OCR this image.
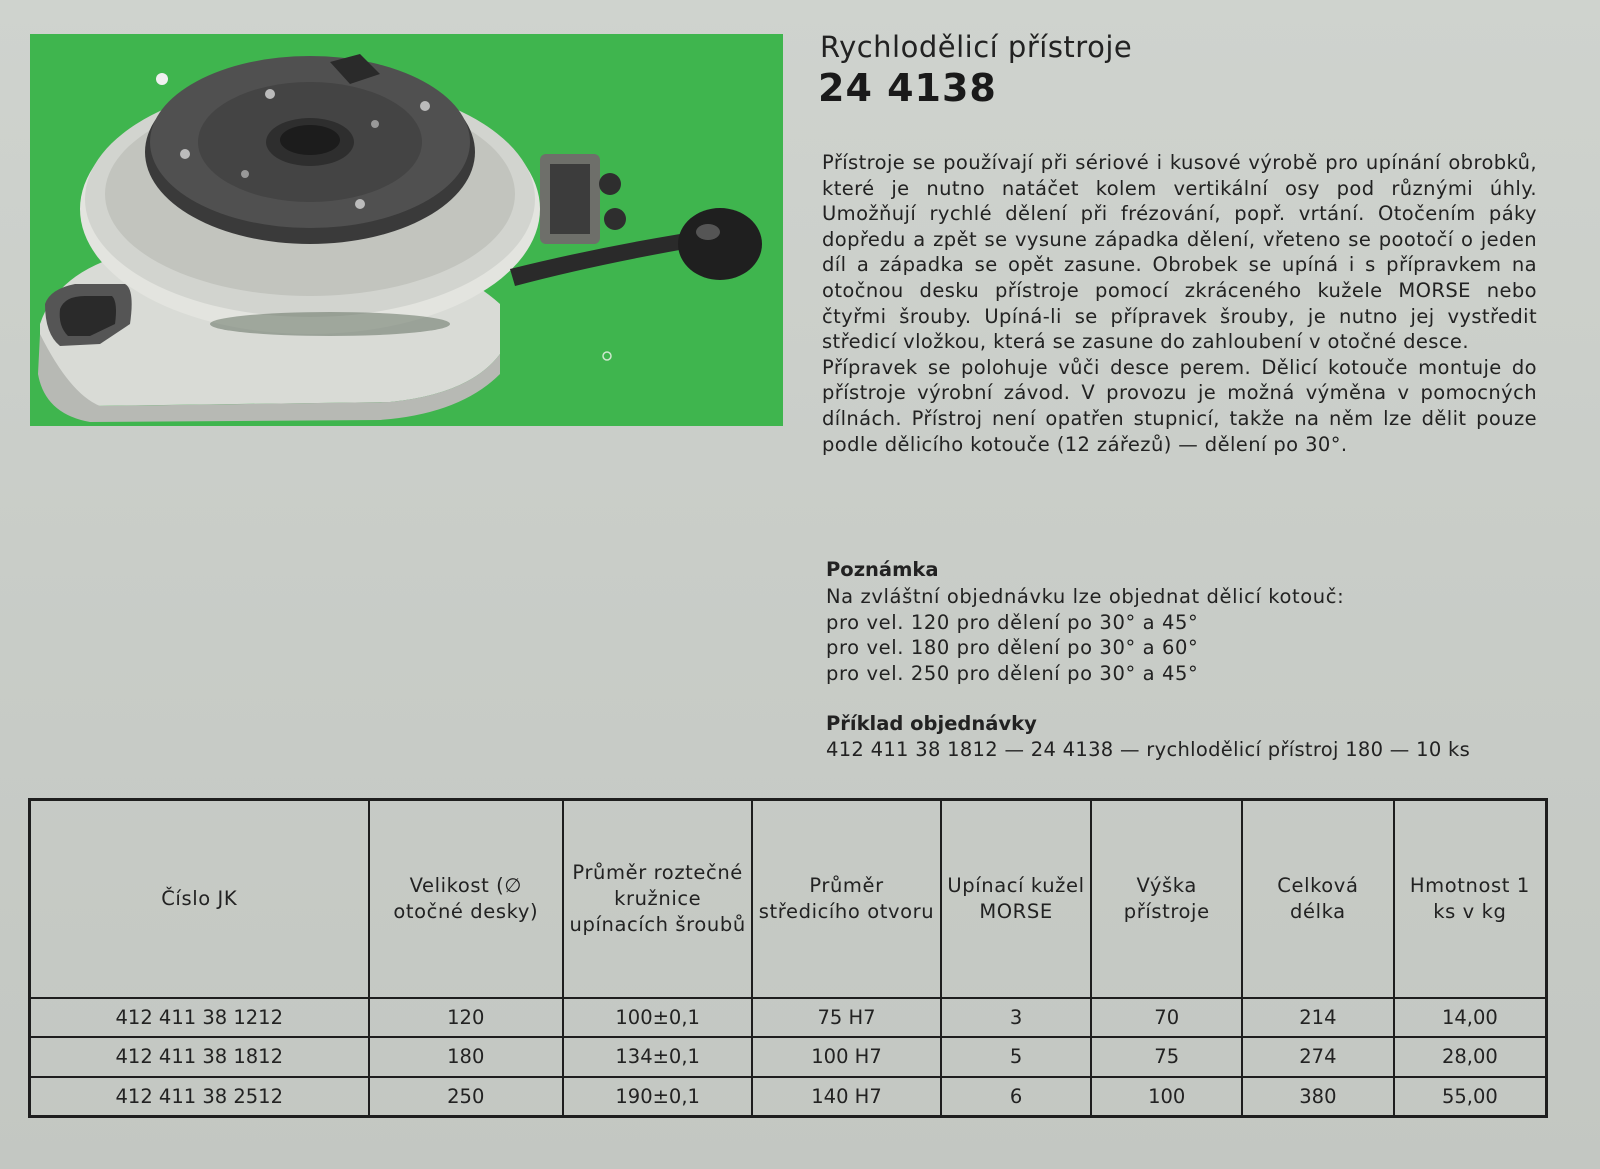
Rychlodělicí přístroje
24 4138

Přístroje se používají při sériové i kusové výrobě pro upínání obrobků, které je nutno natáčet kolem vertikální osy pod různými úhly. Umožňují rychlé dělení při frézování, popř. vrtání. Otočením páky dopředu a zpět se vysune západka dělení, vřeteno se pootočí o jeden díl a západka se opět zasune. Obrobek se upíná i s přípravkem na otočnou desku přístroje pomocí zkráceného kužele MORSE nebo čtyřmi šrouby. Upíná-li se přípravek šrouby, je nutno jej vystředit středicí vložkou, která se zasune do zahloubení v otočné desce.

Přípravek se polohuje vůči desce perem. Dělicí kotouče montuje do přístroje výrobní závod. V provozu je možná výměna v pomocných dílnách. Přístroj není opatřen stupnicí, takže na něm lze dělit pouze podle dělicího kotouče (12 zářezů) — dělení po 30°.

Poznámka
Na zvláštní objednávku lze objednat dělicí kotouč:
pro vel. 120 pro dělení po 30° a 45°
pro vel. 180 pro dělení po 30° a 60°
pro vel. 250 pro dělení po 30° a 45°
Příklad objednávky
412 411 38 1812 — 24 4138 — rychlodělicí přístroj 180 — 10 ks
Číslo JK	Velikost (∅ otočné desky)	Průměr roztečné kružnice upínacích šroubů	Průměr středicího otvoru	Upínací kužel MORSE	Výška přístroje	Celková délka	Hmotnost 1 ks v kg
412 411 38 1212	120	100±0,1	75 H7	3	70	214	14,00
412 411 38 1812	180	134±0,1	100 H7	5	75	274	28,00
412 411 38 2512	250	190±0,1	140 H7	6	100	380	55,00
